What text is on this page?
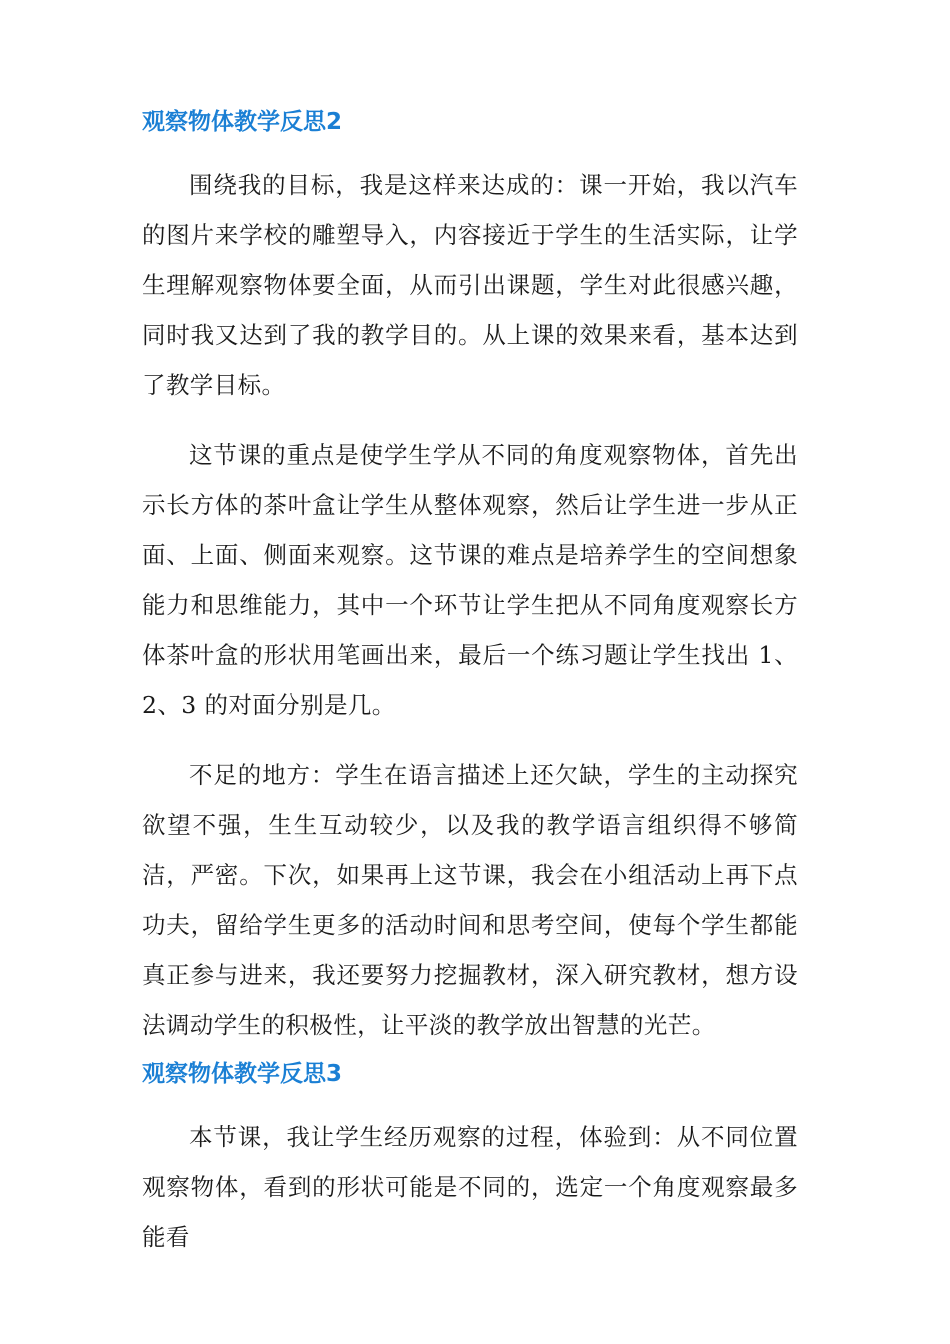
观察物体教学反思2

围绕我的目标，我是这样来达成的：课一开始，我以汽车的图片来学校的雕塑导入，内容接近于学生的生活实际，让学生理解观察物体要全面，从而引出课题，学生对此很感兴趣，同时我又达到了我的教学目的。从上课的效果来看，基本达到了教学目标。

这节课的重点是使学生学从不同的角度观察物体，首先出示长方体的茶叶盒让学生从整体观察，然后让学生进一步从正面、上面、侧面来观察。这节课的难点是培养学生的空间想象能力和思维能力，其中一个环节让学生把从不同角度观察长方体茶叶盒的形状用笔画出来，最后一个练习题让学生找出 1、2、3 的对面分别是几。

不足的地方：学生在语言描述上还欠缺，学生的主动探究欲望不强，生生互动较少，以及我的教学语言组织得不够简洁，严密。下次，如果再上这节课，我会在小组活动上再下点功夫，留给学生更多的活动时间和思考空间，使每个学生都能真正参与进来，我还要努力挖掘教材，深入研究教材，想方设法调动学生的积极性，让平淡的教学放出智慧的光芒。

观察物体教学反思3

本节课，我让学生经历观察的过程，体验到：从不同位置观察物体，看到的形状可能是不同的，选定一个角度观察最多能看
